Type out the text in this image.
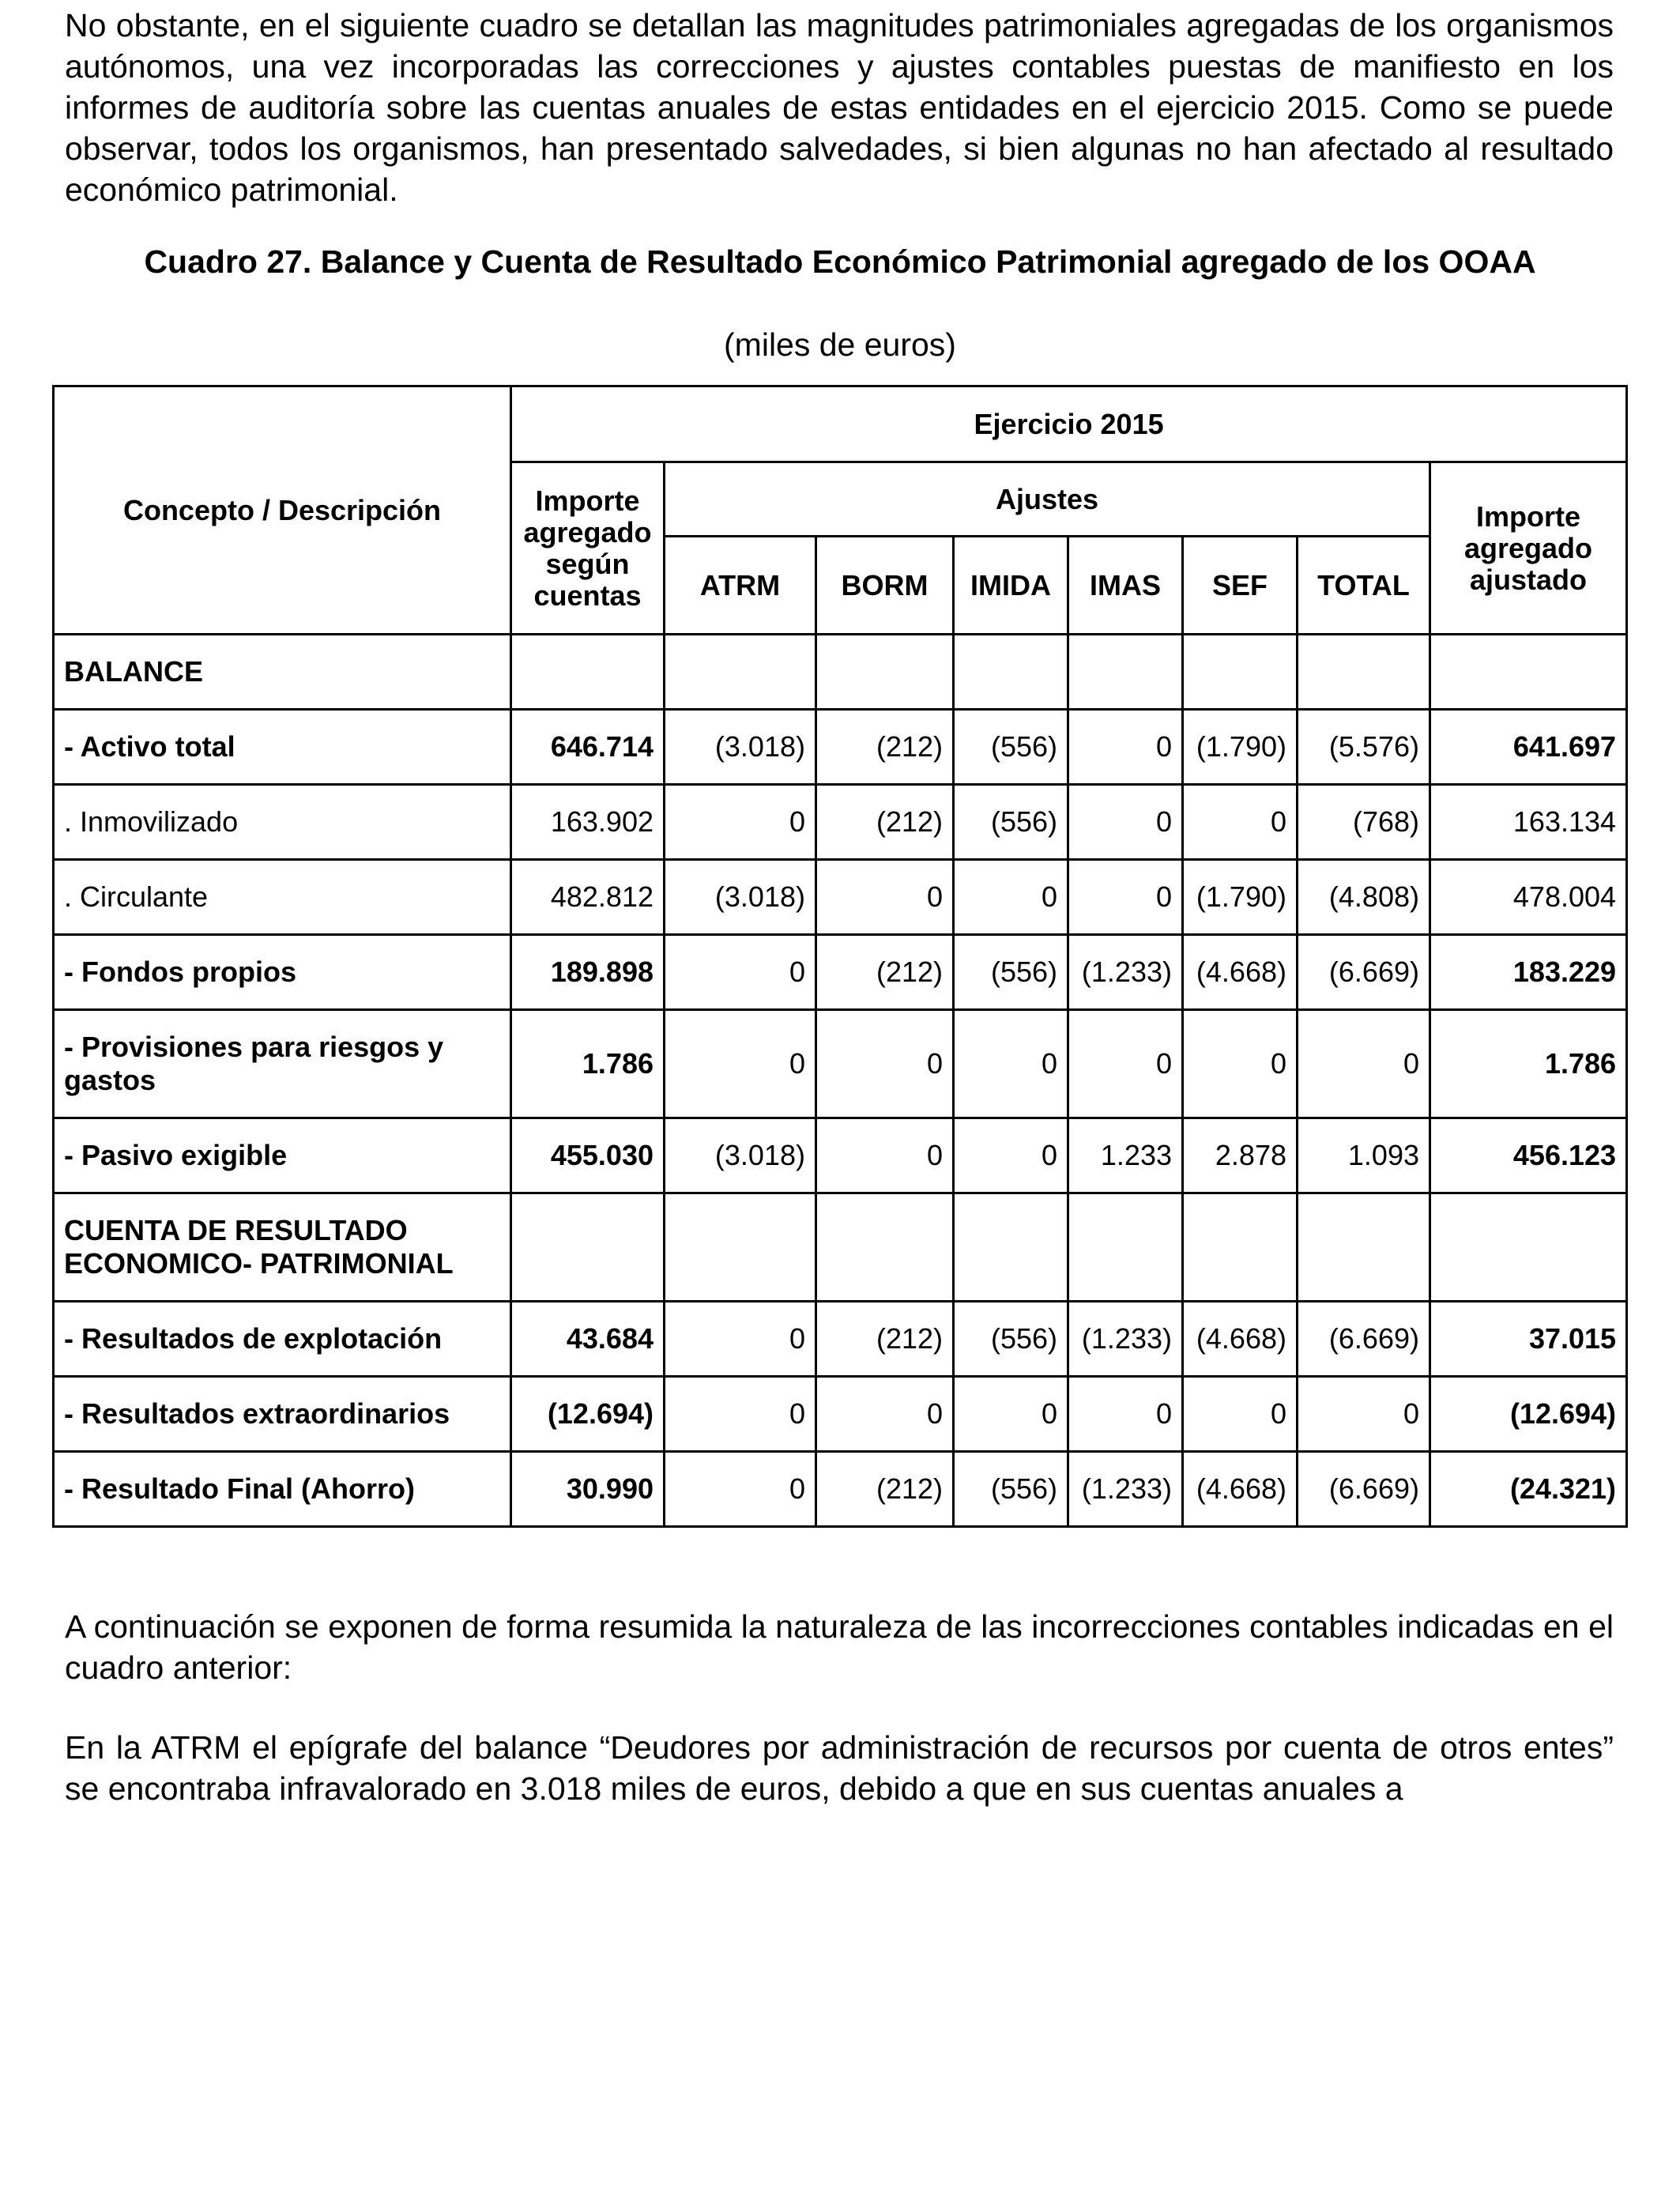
No obstante, en el siguiente cuadro se detallan las magnitudes patrimoniales agregadas de los organismos autónomos, una vez incorporadas las correcciones y ajustes contables puestas de manifiesto en los informes de auditoría sobre las cuentas anuales de estas entidades en el ejercicio 2015. Como se puede observar, todos los organismos, han presentado salvedades, si bien algunas no han afectado al resultado económico patrimonial.

Cuadro 27. Balance y Cuenta de Resultado Económico Patrimonial agregado de los OOAA

(miles de euros)

Concepto / Descripción	Ejercicio 2015							
	Importe agregado según cuentas	Ajustes						Importe agregado ajustado
		ATRM	BORM	IMIDA	IMAS	SEF	TOTAL	
BALANCE								
- Activo total	646.714	(3.018)	(212)	(556)	0	(1.790)	(5.576)	641.697
. Inmovilizado	163.902	0	(212)	(556)	0	0	(768)	163.134
. Circulante	482.812	(3.018)	0	0	0	(1.790)	(4.808)	478.004
- Fondos propios	189.898	0	(212)	(556)	(1.233)	(4.668)	(6.669)	183.229
- Provisiones para riesgos y gastos	1.786	0	0	0	0	0	0	1.786
- Pasivo exigible	455.030	(3.018)	0	0	1.233	2.878	1.093	456.123
CUENTA DE RESULTADO ECONOMICO- PATRIMONIAL								
- Resultados de explotación	43.684	0	(212)	(556)	(1.233)	(4.668)	(6.669)	37.015
- Resultados extraordinarios	(12.694)	0	0	0	0	0	0	(12.694)
- Resultado Final (Ahorro)	30.990	0	(212)	(556)	(1.233)	(4.668)	(6.669)	(24.321)

A continuación se exponen de forma resumida la naturaleza de las incorrecciones contables indicadas en el cuadro anterior:

En la ATRM el epígrafe del balance “Deudores por administración de recursos por cuenta de otros entes” se encontraba infravalorado en 3.018 miles de euros, debido a que en sus cuentas anuales a
